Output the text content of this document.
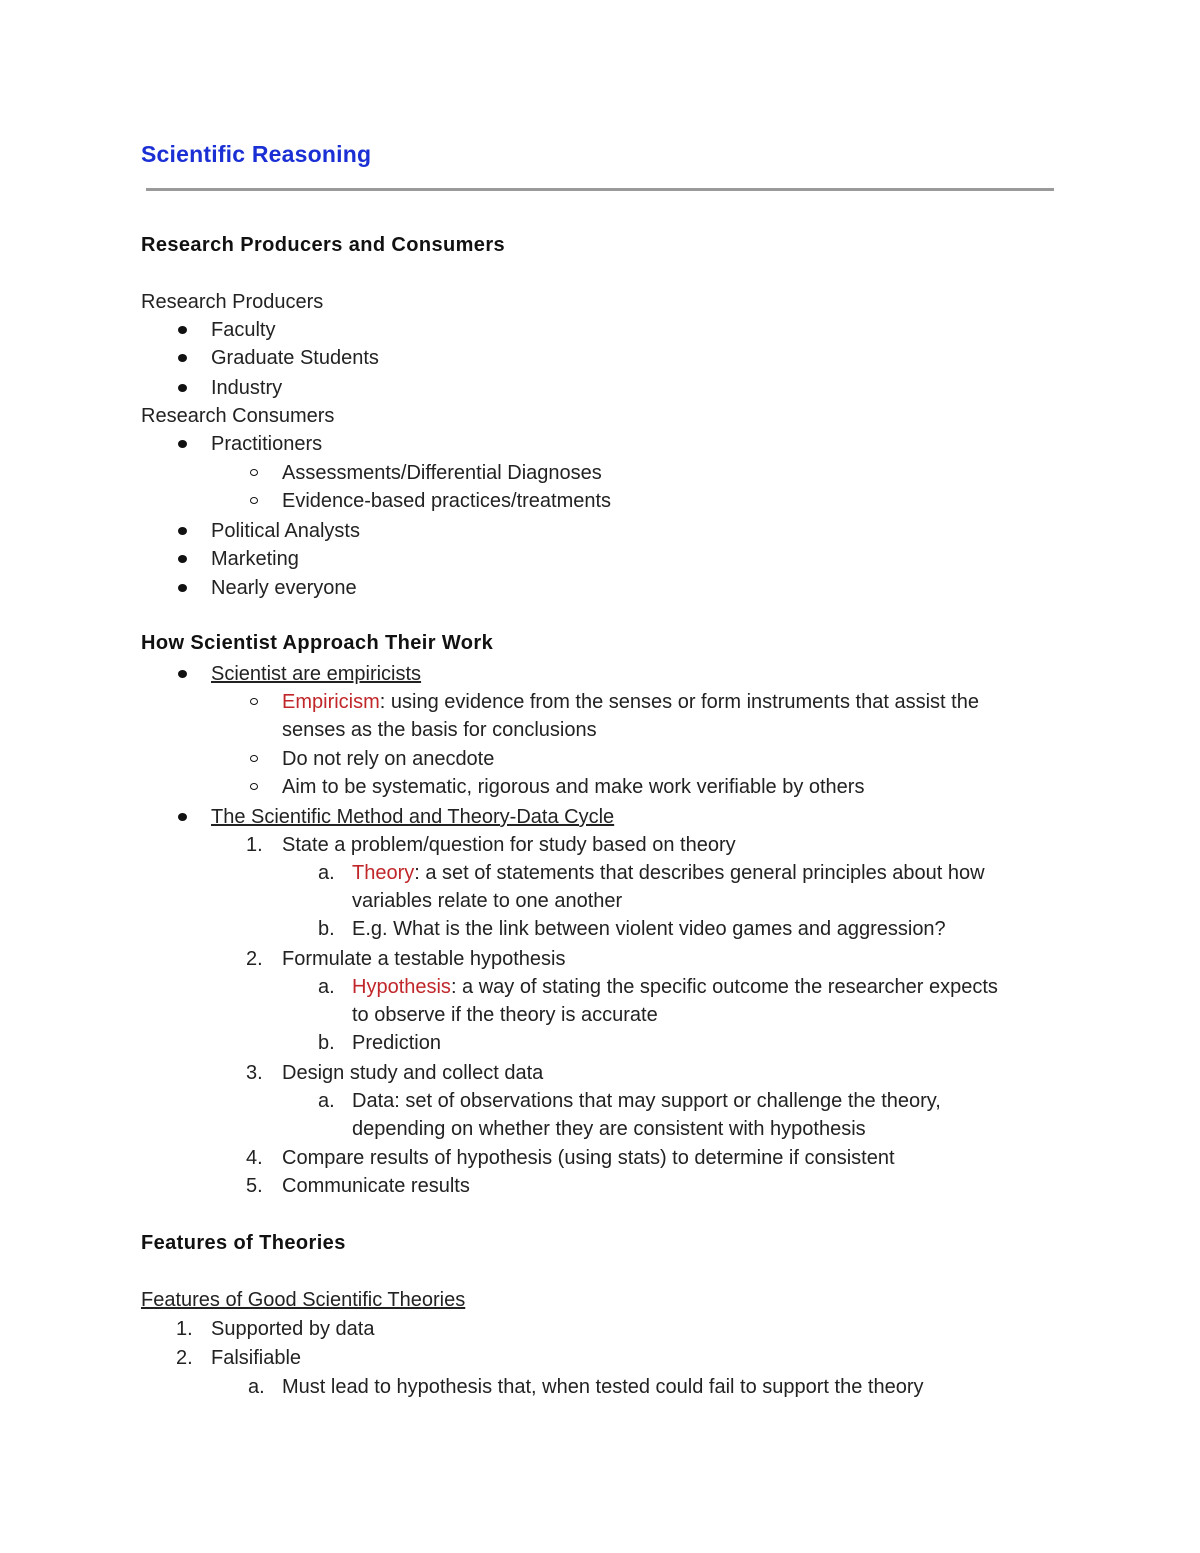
Scientific Reasoning
Research Producers and Consumers
Research Producers
Faculty
Graduate Students
Industry
Research Consumers
Practitioners
Assessments/Differential Diagnoses
Evidence-based practices/treatments
Political Analysts
Marketing
Nearly everyone
How Scientist Approach Their Work
Scientist are empiricists
Empiricism: using evidence from the senses or form instruments that assist the
senses as the basis for conclusions
Do not rely on anecdote
Aim to be systematic, rigorous and make work verifiable by others
The Scientific Method and Theory-Data Cycle
1. State a problem/question for study based on theory
a. Theory: a set of statements that describes general principles about how
variables relate to one another
b. E.g. What is the link between violent video games and aggression?
2. Formulate a testable hypothesis
a. Hypothesis: a way of stating the specific outcome the researcher expects
to observe if the theory is accurate
b. Prediction
3. Design study and collect data
a. Data: set of observations that may support or challenge the theory,
depending on whether they are consistent with hypothesis
4. Compare results of hypothesis (using stats) to determine if consistent
5. Communicate results
Features of Theories
Features of Good Scientific Theories
1. Supported by data
2. Falsifiable
a. Must lead to hypothesis that, when tested could fail to support the theory
